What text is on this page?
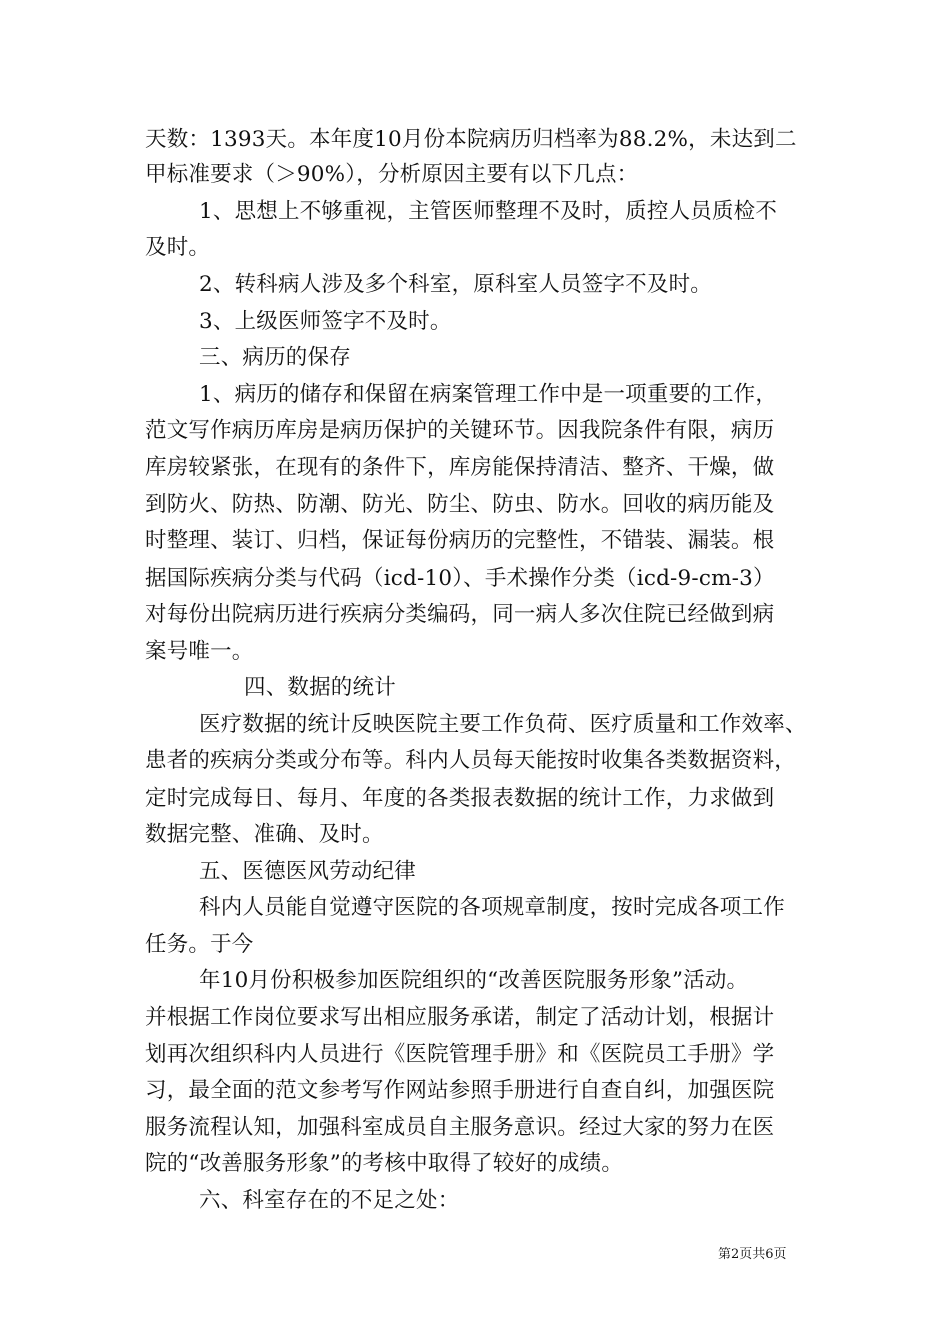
天数：1393天。本年度10月份本院病历归档率为88.2%，未达到二
甲标准要求（＞90%），分析原因主要有以下几点：
1、思想上不够重视，主管医师整理不及时，质控人员质检不
及时。
2、转科病人涉及多个科室，原科室人员签字不及时。
3、上级医师签字不及时。
三、病历的保存
1、病历的储存和保留在病案管理工作中是一项重要的工作，
范文写作病历库房是病历保护的关键环节。因我院条件有限，病历
库房较紧张，在现有的条件下，库房能保持清洁、整齐、干燥，做
到防火、防热、防潮、防光、防尘、防虫、防水。回收的病历能及
时整理、装订、归档，保证每份病历的完整性，不错装、漏装。根
据国际疾病分类与代码（icd-10）、手术操作分类（icd-9-cm-3）
对每份出院病历进行疾病分类编码，同一病人多次住院已经做到病
案号唯一。
四、数据的统计
医疗数据的统计反映医院主要工作负荷、医疗质量和工作效率、
患者的疾病分类或分布等。科内人员每天能按时收集各类数据资料，
定时完成每日、每月、年度的各类报表数据的统计工作，力求做到
数据完整、准确、及时。
五、医德医风劳动纪律
科内人员能自觉遵守医院的各项规章制度，按时完成各项工作
任务。于今
年10月份积极参加医院组织的“改善医院服务形象”活动。
并根据工作岗位要求写出相应服务承诺，制定了活动计划，根据计
划再次组织科内人员进行《医院管理手册》和《医院员工手册》学
习，最全面的范文参考写作网站参照手册进行自查自纠，加强医院
服务流程认知，加强科室成员自主服务意识。经过大家的努力在医
院的“改善服务形象”的考核中取得了较好的成绩。
六、科室存在的不足之处：
第2页共6页
